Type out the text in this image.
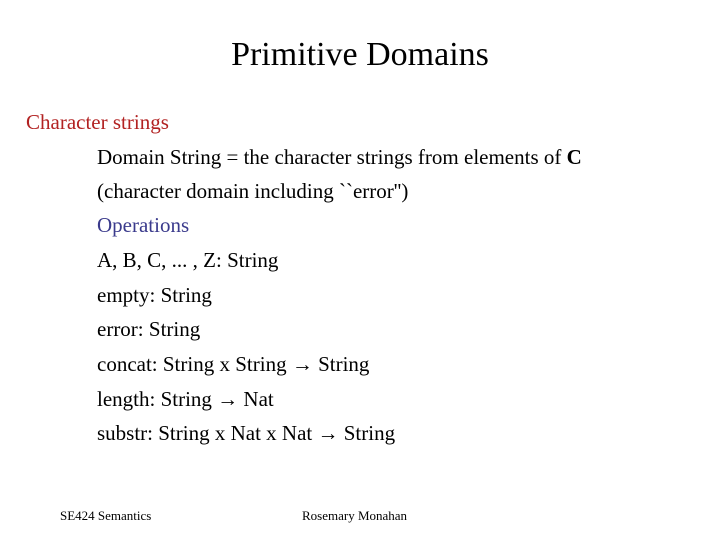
Primitive Domains
Character strings
Domain String = the character strings from elements of C
(character domain including ``error'')
Operations
A, B, C, ... , Z: String
empty: String
error: String
concat: String x String → String
length: String → Nat
substr: String x Nat x Nat → String
SE424 Semantics	Rosemary Monahan
